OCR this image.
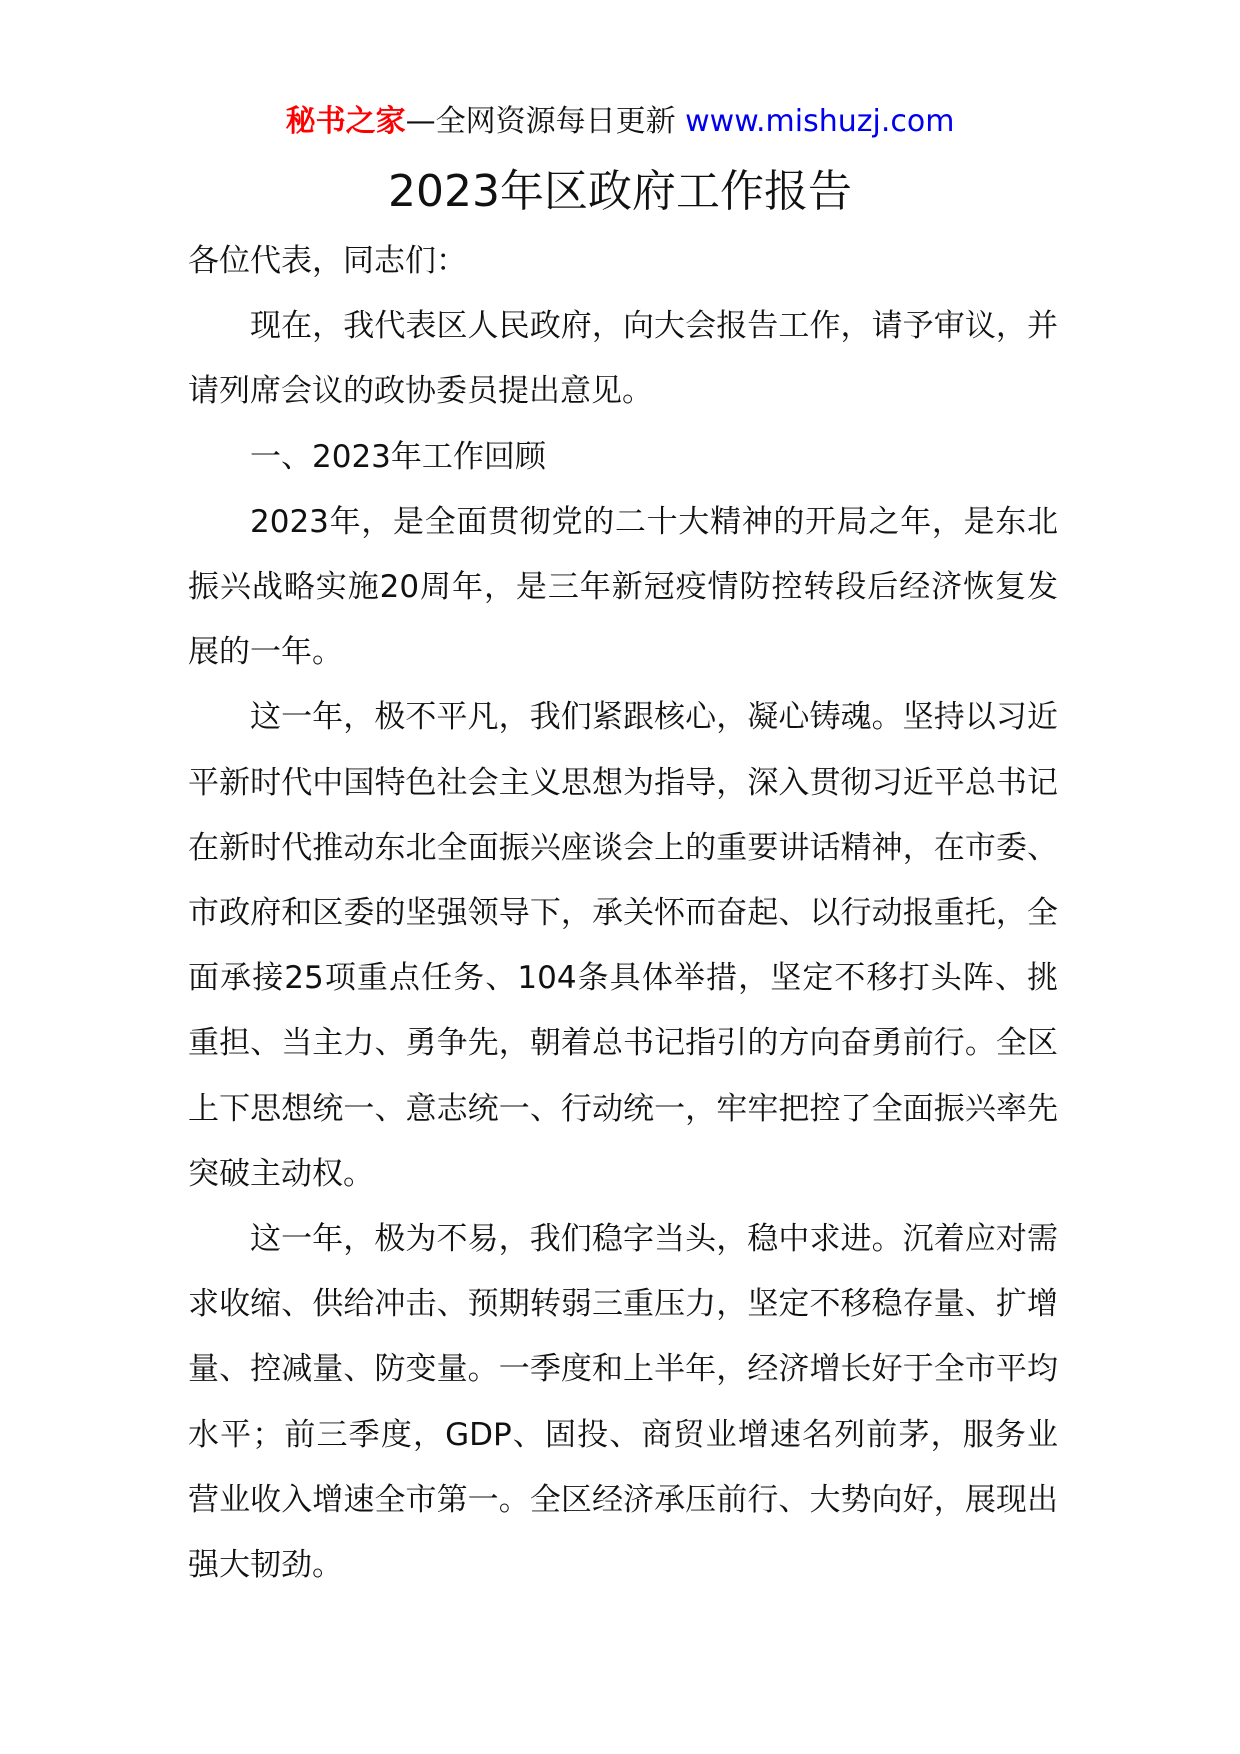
秘书之家—全网资源每日更新 www.mishuzj.com
2023年区政府工作报告

各位代表，同志们：

现在，我代表区人民政府，向大会报告工作，请予审议，并请列席会议的政协委员提出意见。

一、2023年工作回顾

2023年，是全面贯彻党的二十大精神的开局之年，是东北振兴战略实施20周年，是三年新冠疫情防控转段后经济恢复发展的一年。

这一年，极不平凡，我们紧跟核心，凝心铸魂。坚持以习近平新时代中国特色社会主义思想为指导，深入贯彻习近平总书记在新时代推动东北全面振兴座谈会上的重要讲话精神，在市委、市政府和区委的坚强领导下，承关怀而奋起、以行动报重托，全面承接25项重点任务、104条具体举措，坚定不移打头阵、挑重担、当主力、勇争先，朝着总书记指引的方向奋勇前行。全区上下思想统一、意志统一、行动统一，牢牢把控了全面振兴率先突破主动权。

这一年，极为不易，我们稳字当头，稳中求进。沉着应对需求收缩、供给冲击、预期转弱三重压力，坚定不移稳存量、扩增量、控减量、防变量。一季度和上半年，经济增长好于全市平均水平；前三季度，GDP、固投、商贸业增速名列前茅，服务业营业收入增速全市第一。全区经济承压前行、大势向好，展现出强大韧劲。
